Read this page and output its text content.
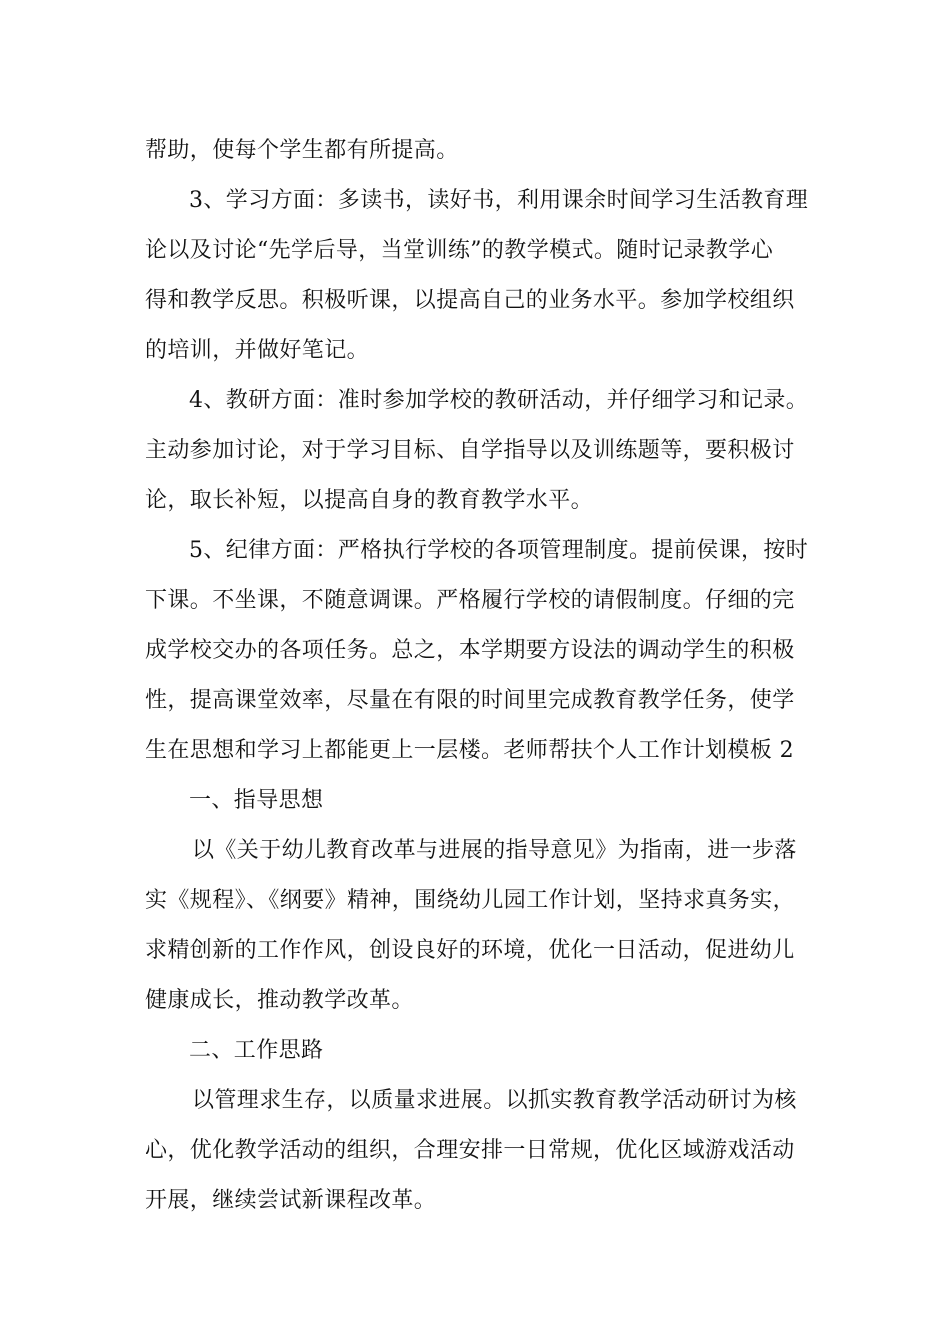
帮助，使每个学生都有所提高。
3、学习方面：多读书，读好书，利用课余时间学习生活教育理
论以及讨论“先学后导，当堂训练”的教学模式。随时记录教学心
得和教学反思。积极听课，以提高自己的业务水平。参加学校组织
的培训，并做好笔记。
4、教研方面：准时参加学校的教研活动，并仔细学习和记录。
主动参加讨论，对于学习目标、自学指导以及训练题等，要积极讨
论，取长补短，以提高自身的教育教学水平。
5、纪律方面：严格执行学校的各项管理制度。提前侯课，按时
下课。不坐课，不随意调课。严格履行学校的请假制度。仔细的完
成学校交办的各项任务。总之，本学期要方设法的调动学生的积极
性，提高课堂效率，尽量在有限的时间里完成教育教学任务，使学
生在思想和学习上都能更上一层楼。老师帮扶个人工作计划模板 2
一、指导思想
以《关于幼儿教育改革与进展的指导意见》为指南，进一步落
实《规程》、《纲要》精神，围绕幼儿园工作计划，坚持求真务实，
求精创新的工作作风，创设良好的环境，优化一日活动，促进幼儿
健康成长，推动教学改革。
二、工作思路
以管理求生存，以质量求进展。以抓实教育教学活动研讨为核
心，优化教学活动的组织，合理安排一日常规，优化区域游戏活动
开展，继续尝试新课程改革。
